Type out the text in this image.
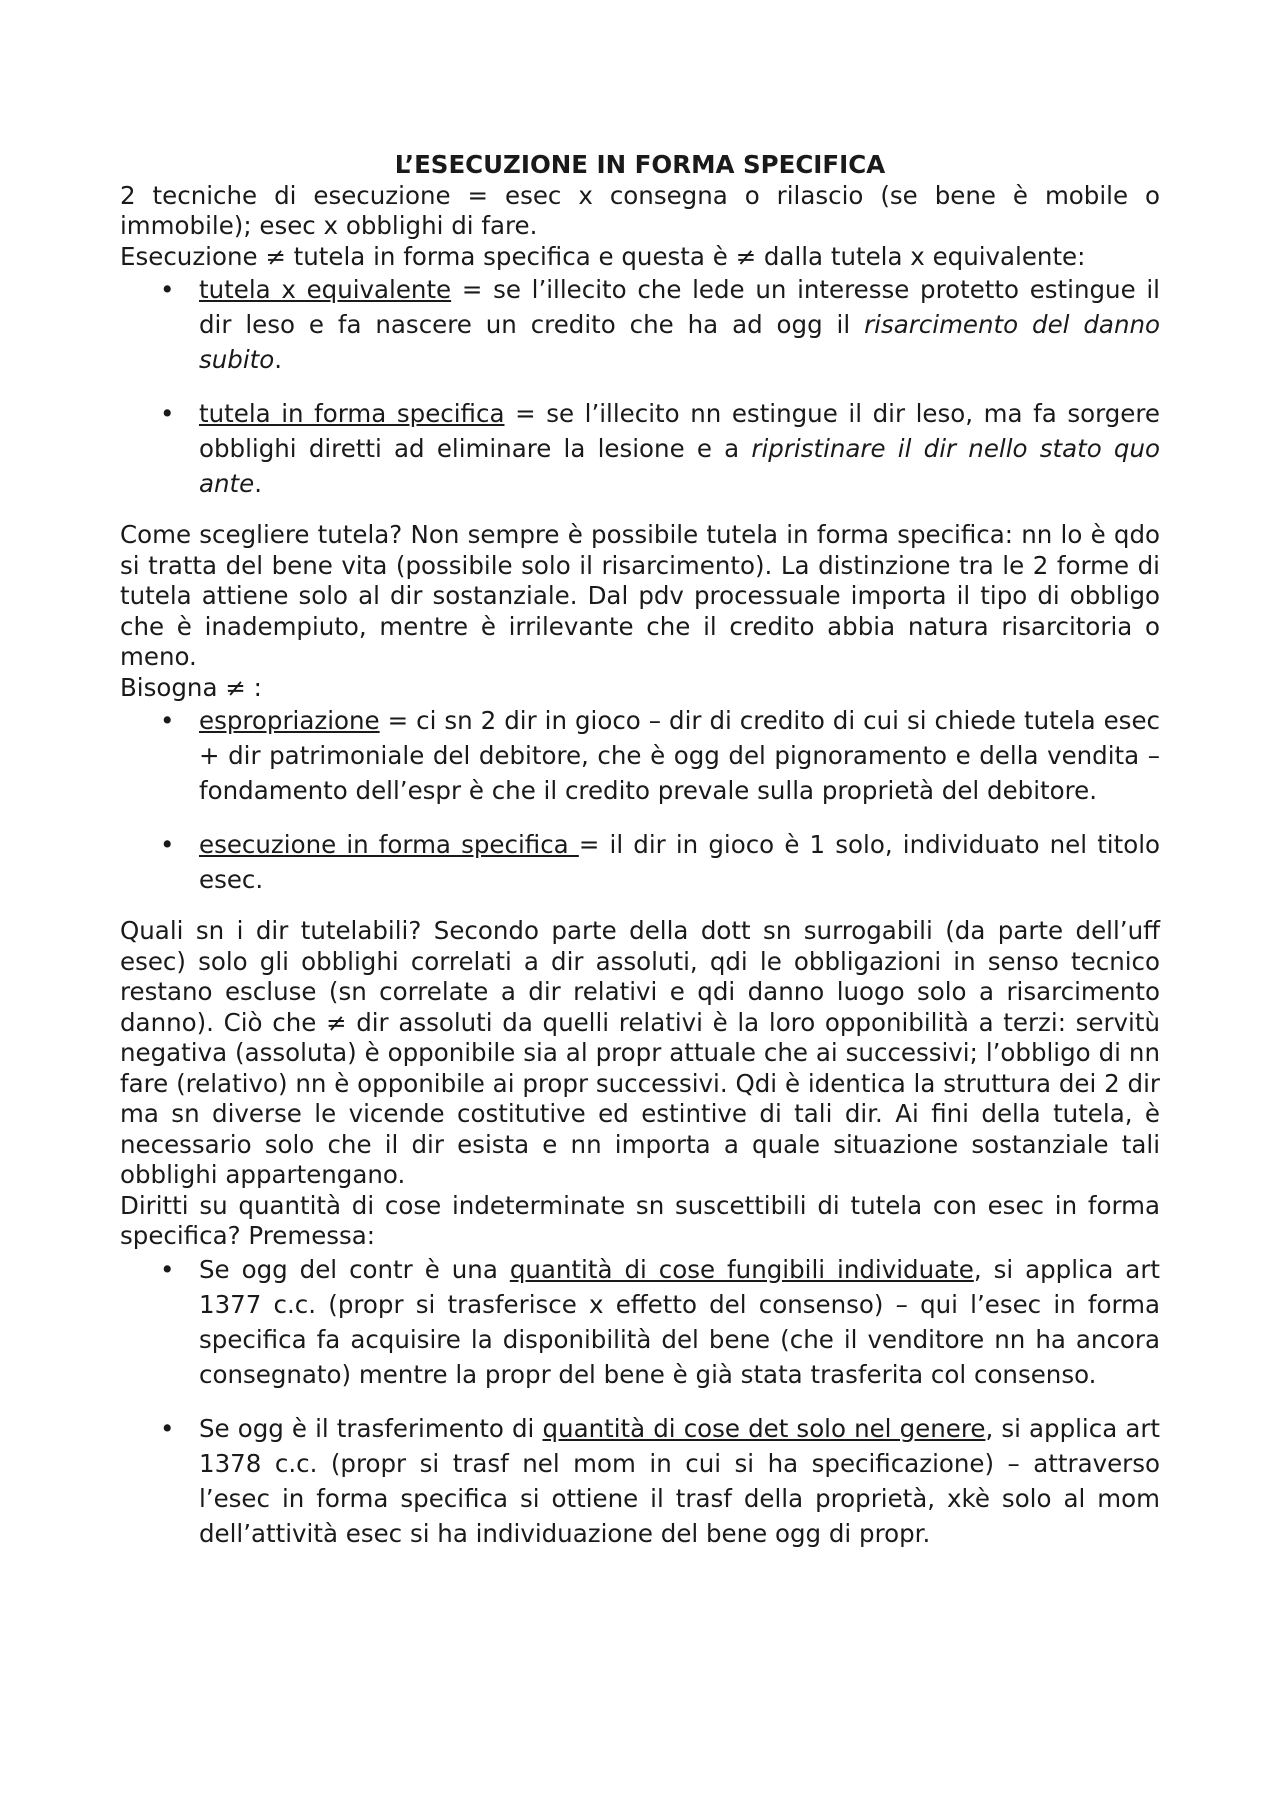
L’ESECUZIONE IN FORMA SPECIFICA

2 tecniche di esecuzione = esec x consegna o rilascio (se bene è mobile o immobile); esec x obblighi di fare.

Esecuzione ≠ tutela in forma specifica e questa è ≠ dalla tutela x equivalente:

• tutela x equivalente = se l’illecito che lede un interesse protetto estingue il dir leso e fa nascere un credito che ha ad ogg il risarcimento del danno subito.
• tutela in forma specifica = se l’illecito nn estingue il dir leso, ma fa sorgere obblighi diretti ad eliminare la lesione e a ripristinare il dir nello stato quo ante.

Come scegliere tutela? Non sempre è possibile tutela in forma specifica: nn lo è qdo si tratta del bene vita (possibile solo il risarcimento). La distinzione tra le 2 forme di tutela attiene solo al dir sostanziale. Dal pdv processuale importa il tipo di obbligo che è inadempiuto, mentre è irrilevante che il credito abbia natura risarcitoria o meno.

Bisogna ≠ :

• espropriazione = ci sn 2 dir in gioco – dir di credito di cui si chiede tutela esec + dir patrimoniale del debitore, che è ogg del pignoramento e della vendita – fondamento dell’espr è che il credito prevale sulla proprietà del debitore.
• esecuzione in forma specifica = il dir in gioco è 1 solo, individuato nel titolo esec.

Quali sn i dir tutelabili? Secondo parte della dott sn surrogabili (da parte dell’uff esec) solo gli obblighi correlati a dir assoluti, qdi le obbligazioni in senso tecnico restano escluse (sn correlate a dir relativi e qdi danno luogo solo a risarcimento danno). Ciò che ≠ dir assoluti da quelli relativi è la loro opponibilità a terzi: servitù negativa (assoluta) è opponibile sia al propr attuale che ai successivi; l’obbligo di nn fare (relativo) nn è opponibile ai propr successivi. Qdi è identica la struttura dei 2 dir ma sn diverse le vicende costitutive ed estintive di tali dir. Ai fini della tutela, è necessario solo che il dir esista e nn importa a quale situazione sostanziale tali obblighi appartengano.

Diritti su quantità di cose indeterminate sn suscettibili di tutela con esec in forma specifica? Premessa:

• Se ogg del contr è una quantità di cose fungibili individuate, si applica art 1377 c.c. (propr si trasferisce x effetto del consenso) – qui l’esec in forma specifica fa acquisire la disponibilità del bene (che il venditore nn ha ancora consegnato) mentre la propr del bene è già stata trasferita col consenso.
• Se ogg è il trasferimento di quantità di cose det solo nel genere, si applica art 1378 c.c. (propr si trasf nel mom in cui si ha specificazione) – attraverso l’esec in forma specifica si ottiene il trasf della proprietà, xkè solo al mom dell’attività esec si ha individuazione del bene ogg di propr.
